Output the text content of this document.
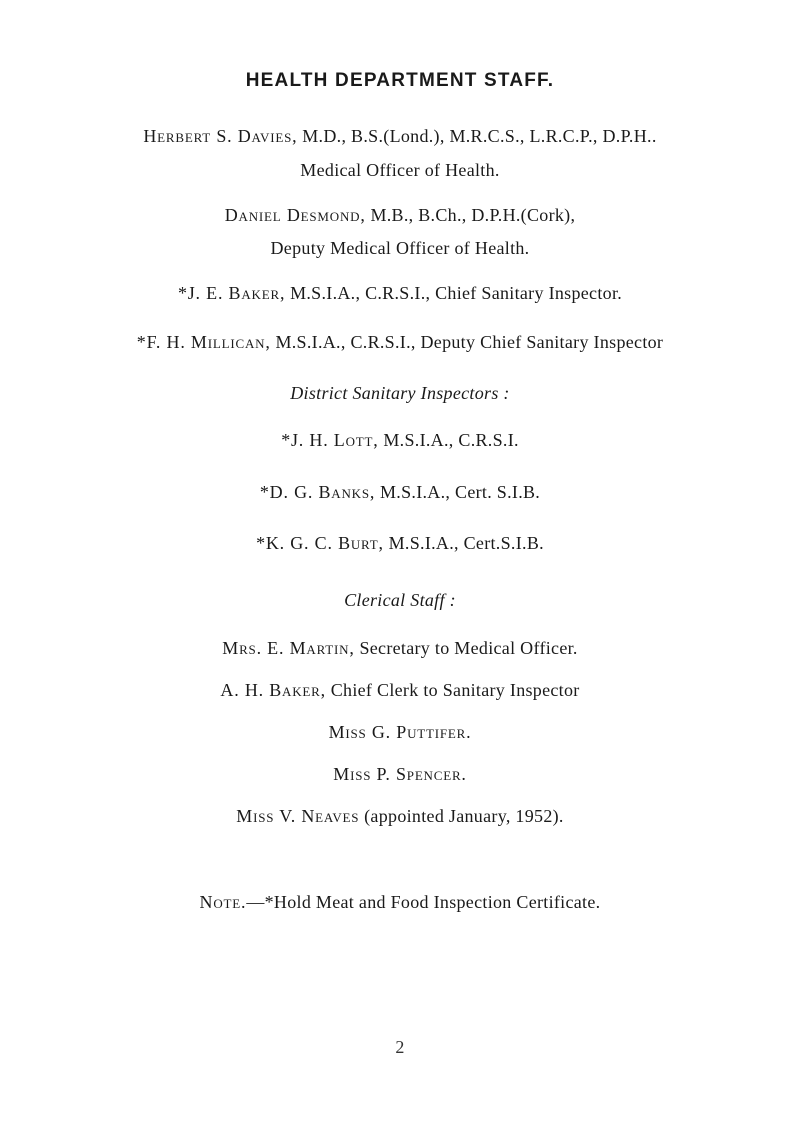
HEALTH DEPARTMENT STAFF.
Herbert S. Davies, M.D., B.S.(Lond.), M.R.C.S., L.R.C.P., D.P.H..
Medical Officer of Health.
Daniel Desmond, M.B., B.Ch., D.P.H.(Cork),
Deputy Medical Officer of Health.
*J. E. Baker, M.S.I.A., C.R.S.I., Chief Sanitary Inspector.
*F. H. Millican, M.S.I.A., C.R.S.I., Deputy Chief Sanitary Inspector
District Sanitary Inspectors :
*J. H. Lott, M.S.I.A., C.R.S.I.
*D. G. Banks, M.S.I.A., Cert. S.I.B.
*K. G. C. Burt, M.S.I.A., Cert.S.I.B.
Clerical Staff :
Mrs. E. Martin, Secretary to Medical Officer.
A. H. Baker, Chief Clerk to Sanitary Inspector
Miss G. Puttifer.
Miss P. Spencer.
Miss V. Neaves (appointed January, 1952).
Note.—*Hold Meat and Food Inspection Certificate.
2
